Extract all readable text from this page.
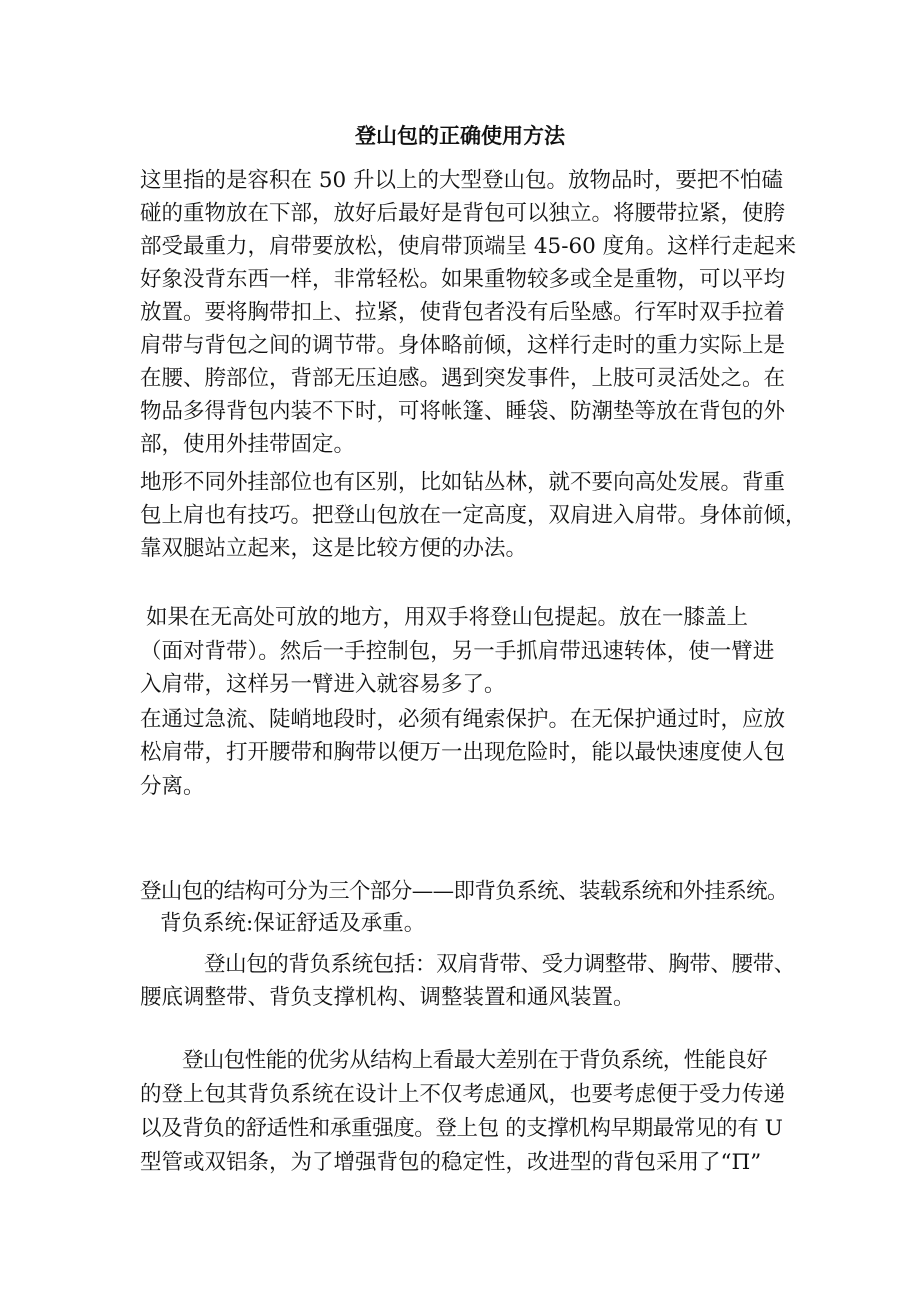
登山包的正确使用方法

这里指的是容积在 50 升以上的大型登山包。放物品时，要把不怕磕

碰的重物放在下部，放好后最好是背包可以独立。将腰带拉紧，使胯

部受最重力，肩带要放松，使肩带顶端呈 45-60 度角。这样行走起来

好象没背东西一样，非常轻松。如果重物较多或全是重物，可以平均

放置。要将胸带扣上、拉紧，使背包者没有后坠感。行军时双手拉着

肩带与背包之间的调节带。身体略前倾，这样行走时的重力实际上是

在腰、胯部位，背部无压迫感。遇到突发事件，上肢可灵活处之。在

物品多得背包内装不下时，可将帐篷、睡袋、防潮垫等放在背包的外

部，使用外挂带固定。

地形不同外挂部位也有区别，比如钻丛林，就不要向高处发展。背重

包上肩也有技巧。把登山包放在一定高度，双肩进入肩带。身体前倾，

靠双腿站立起来，这是比较方便的办法。

如果在无高处可放的地方，用双手将登山包提起。放在一膝盖上

（面对背带）。然后一手控制包，另一手抓肩带迅速转体，使一臂进

入肩带，这样另一臂进入就容易多了。

在通过急流、陡峭地段时，必须有绳索保护。在无保护通过时，应放

松肩带，打开腰带和胸带以便万一出现危险时，能以最快速度使人包

分离。

登山包的结构可分为三个部分——即背负系统、装载系统和外挂系统。

背负系统:保证舒适及承重。

登山包的背负系统包括：双肩背带、受力调整带、胸带、腰带、

腰底调整带、背负支撑机构、调整装置和通风装置。

登山包性能的优劣从结构上看最大差别在于背负系统，性能良好

的登上包其背负系统在设计上不仅考虑通风，也要考虑便于受力传递

以及背负的舒适性和承重强度。登上包 的支撑机构早期最常见的有 U

型管或双铝条，为了增强背包的稳定性，改进型的背包采用了“Π”
